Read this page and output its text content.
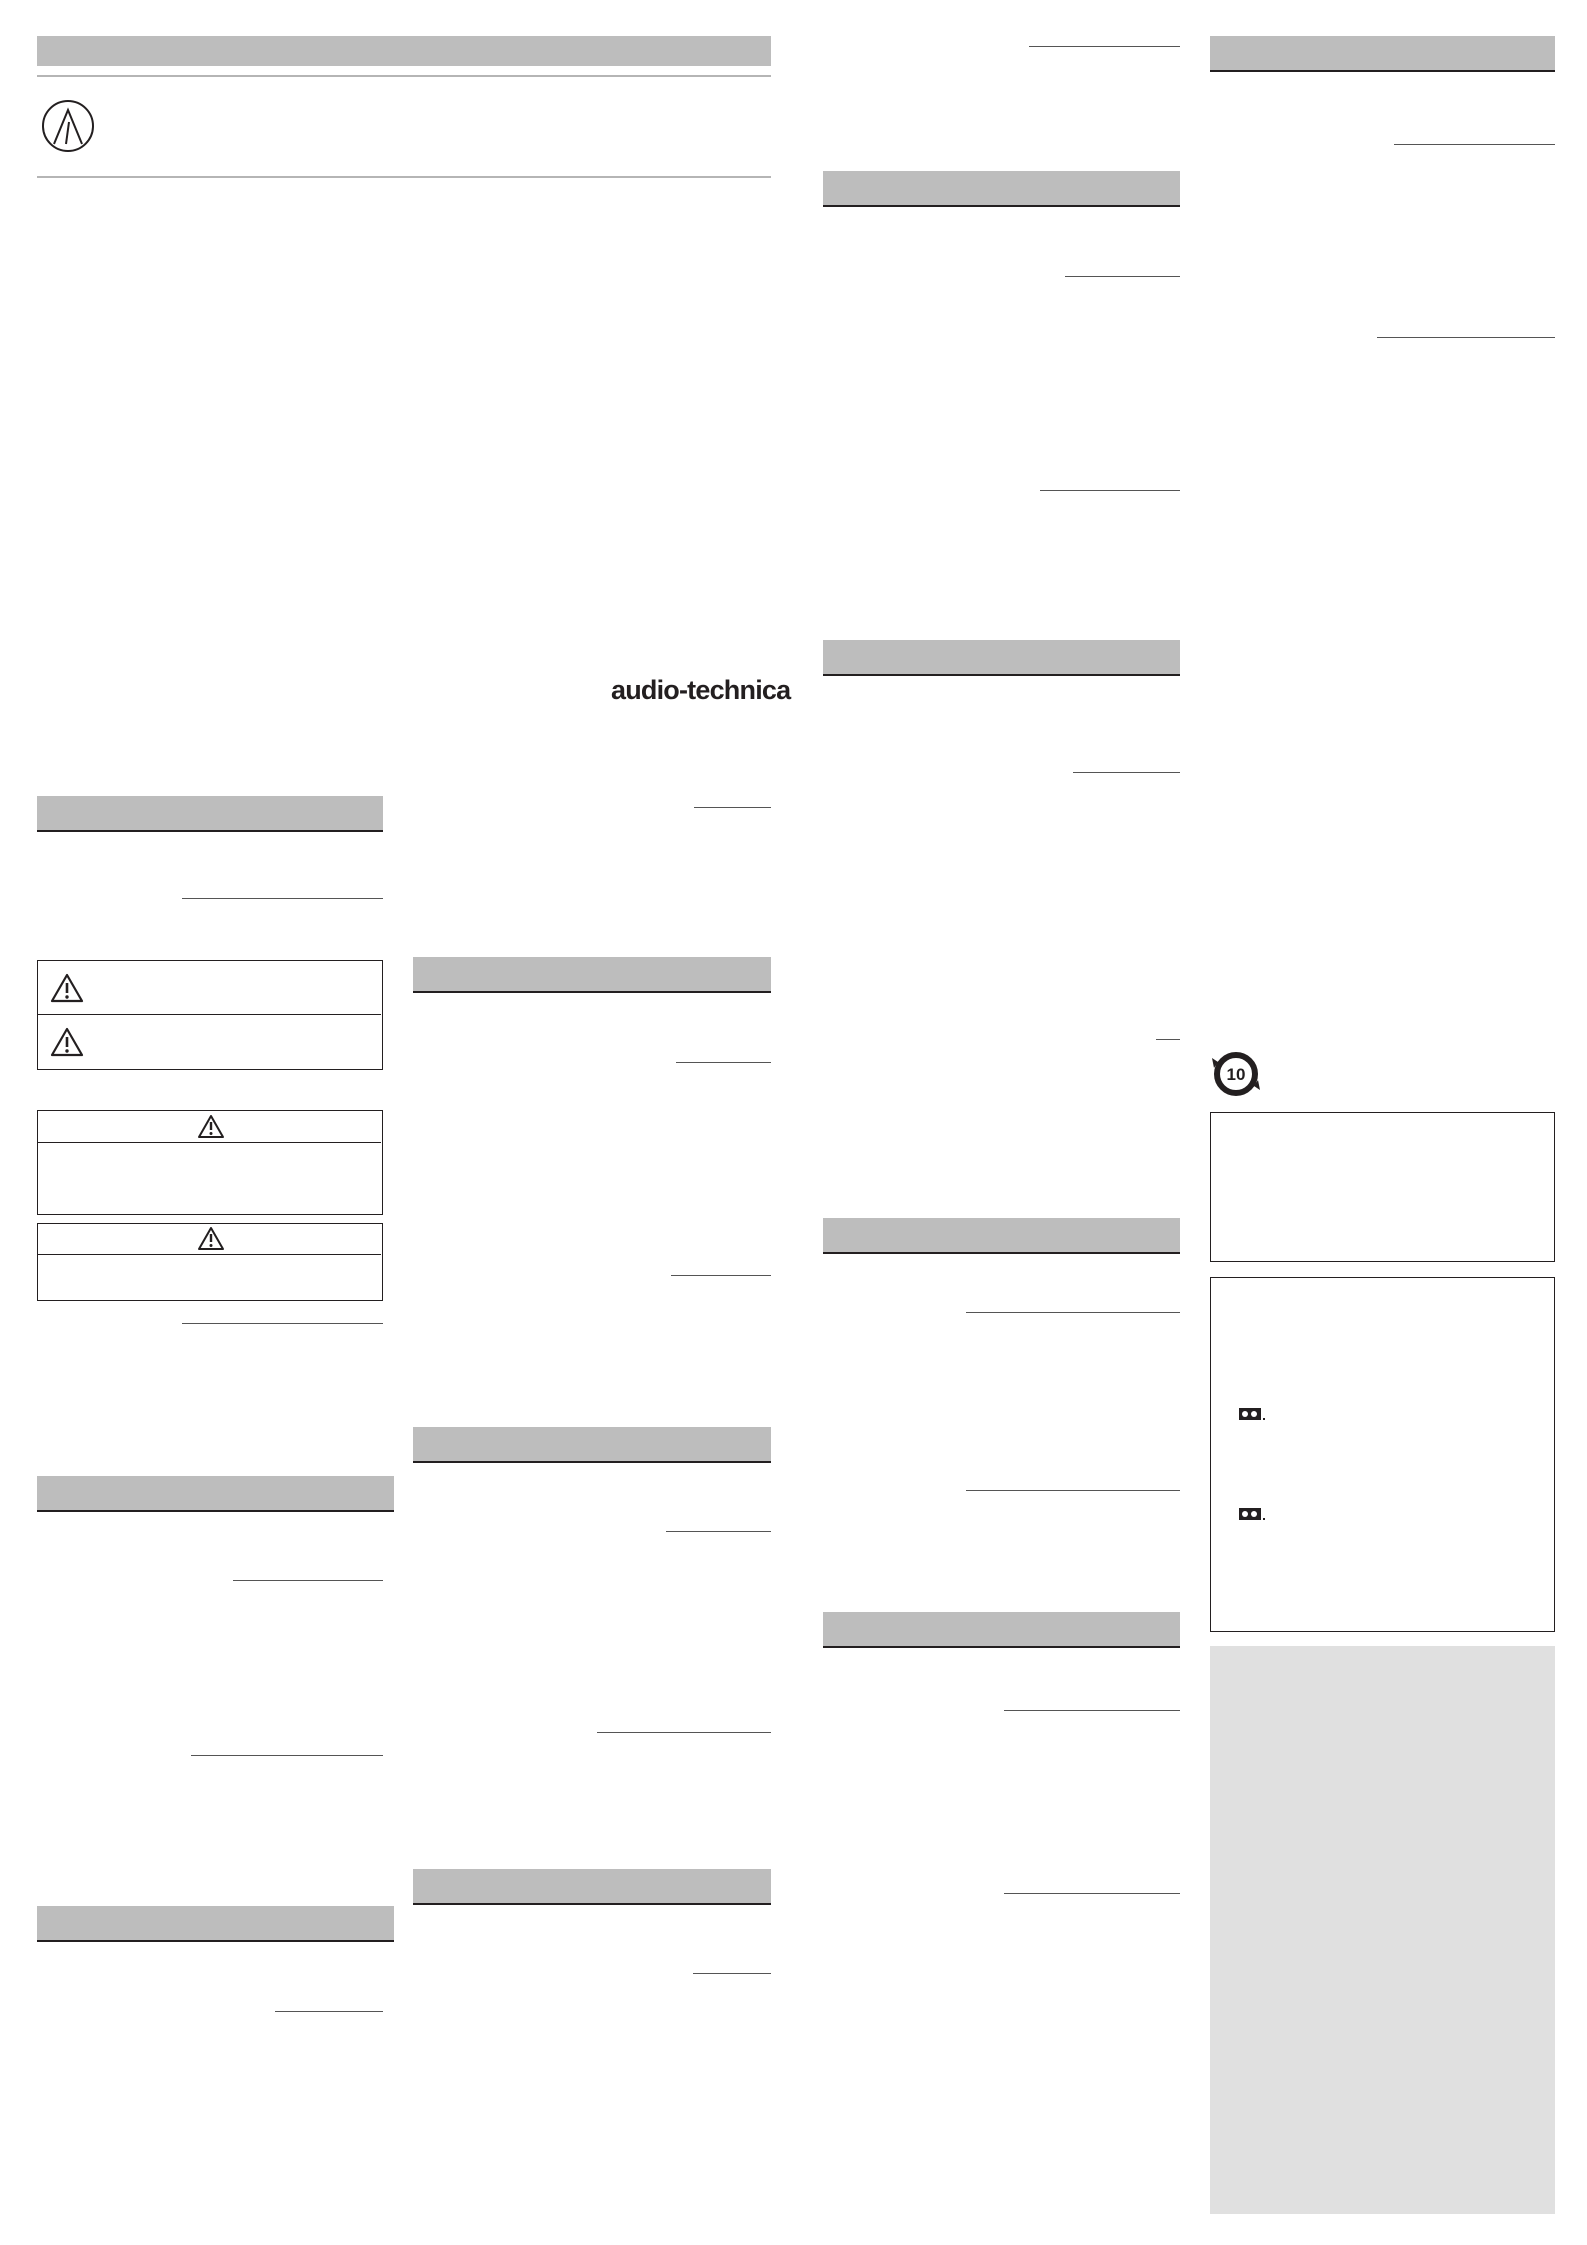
audio-technica
10
